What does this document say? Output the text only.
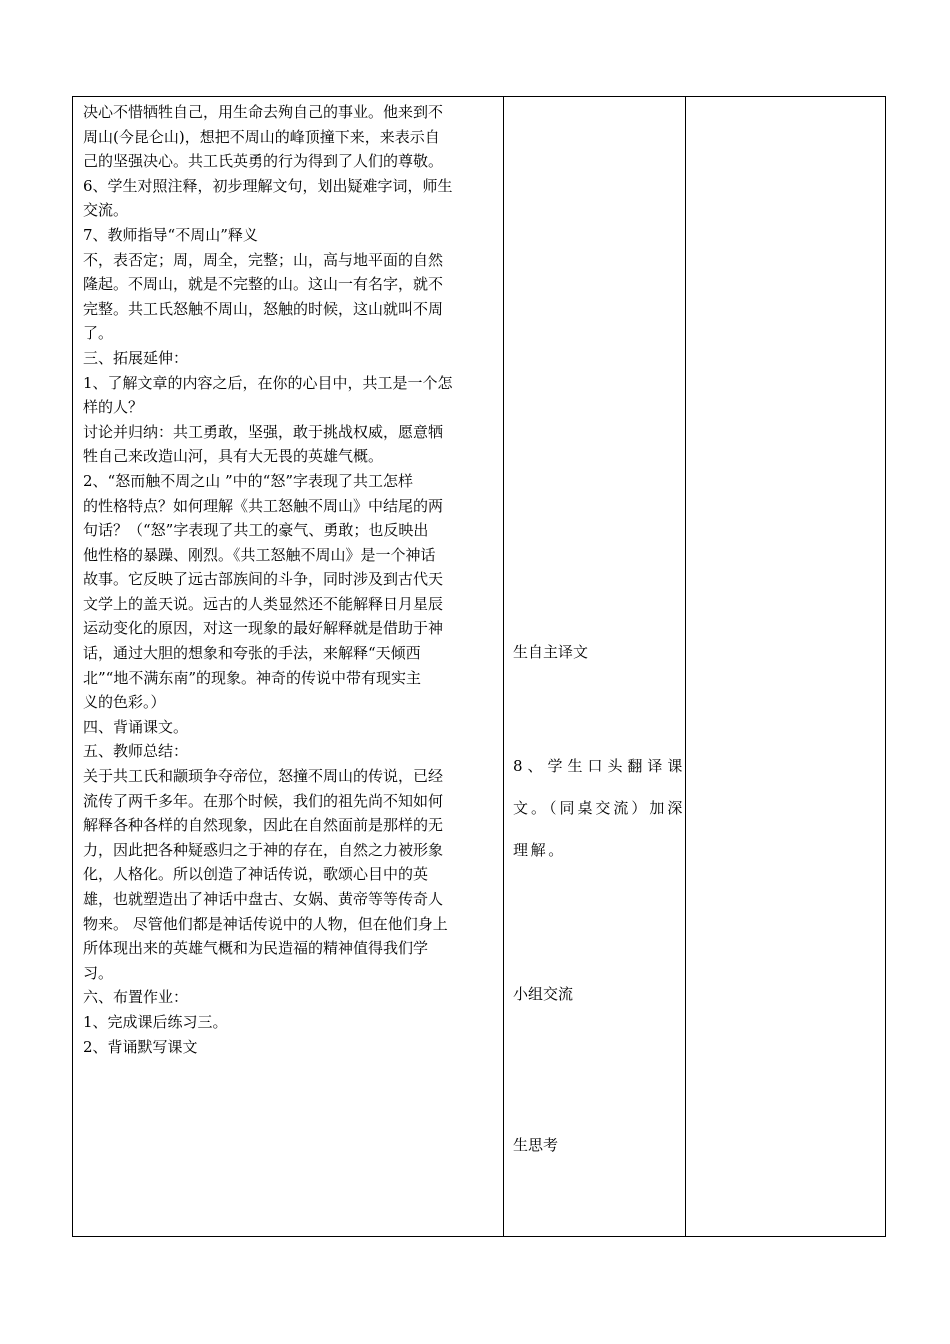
决心不惜牺牲自己，用生命去殉自己的事业。他来到不

周山(今昆仑山)，想把不周山的峰顶撞下来，来表示自

己的坚强决心。共工氏英勇的行为得到了人们的尊敬。

6、学生对照注释，初步理解文句，划出疑难字词，师生

交流。

7、教师指导“不周山”释义

不，表否定；周，周全，完整；山，高与地平面的自然

隆起。不周山，就是不完整的山。这山一有名字，就不

完整。共工氏怒触不周山，怒触的时候，这山就叫不周

了。

三、拓展延伸：

1、了解文章的内容之后，在你的心目中，共工是一个怎

样的人？

讨论并归纳：共工勇敢，坚强，敢于挑战权威，愿意牺

牲自己来改造山河，具有大无畏的英雄气概。

2、“怒而触不周之山 ”中的“怒”字表现了共工怎样

的性格特点？如何理解《共工怒触不周山》中结尾的两

句话？（“怒”字表现了共工的豪气、勇敢；也反映出

他性格的暴躁、刚烈。《共工怒触不周山》是一个神话

故事。它反映了远古部族间的斗争，同时涉及到古代天

文学上的盖天说。远古的人类显然还不能解释日月星辰

运动变化的原因，对这一现象的最好解释就是借助于神

话，通过大胆的想象和夸张的手法，来解释“天倾西

北”“地不满东南”的现象。神奇的传说中带有现实主

义的色彩。）

四、背诵课文。

五、教师总结：

关于共工氏和颛顼争夺帝位，怒撞不周山的传说，已经

流传了两千多年。在那个时候，我们的祖先尚不知如何

解释各种各样的自然现象，因此在自然面前是那样的无

力，因此把各种疑惑归之于神的存在，自然之力被形象

化，人格化。所以创造了神话传说，歌颂心目中的英

雄，也就塑造出了神话中盘古、女娲、黄帝等等传奇人

物来。 尽管他们都是神话传说中的人物，但在他们身上

所体现出来的英雄气概和为民造福的精神值得我们学

习。

六、布置作业：

1、完成课后练习三。

2、背诵默写课文

生自主译文
8、学生口头翻译课文。（同桌交流）加深理解。
小组交流
生思考
